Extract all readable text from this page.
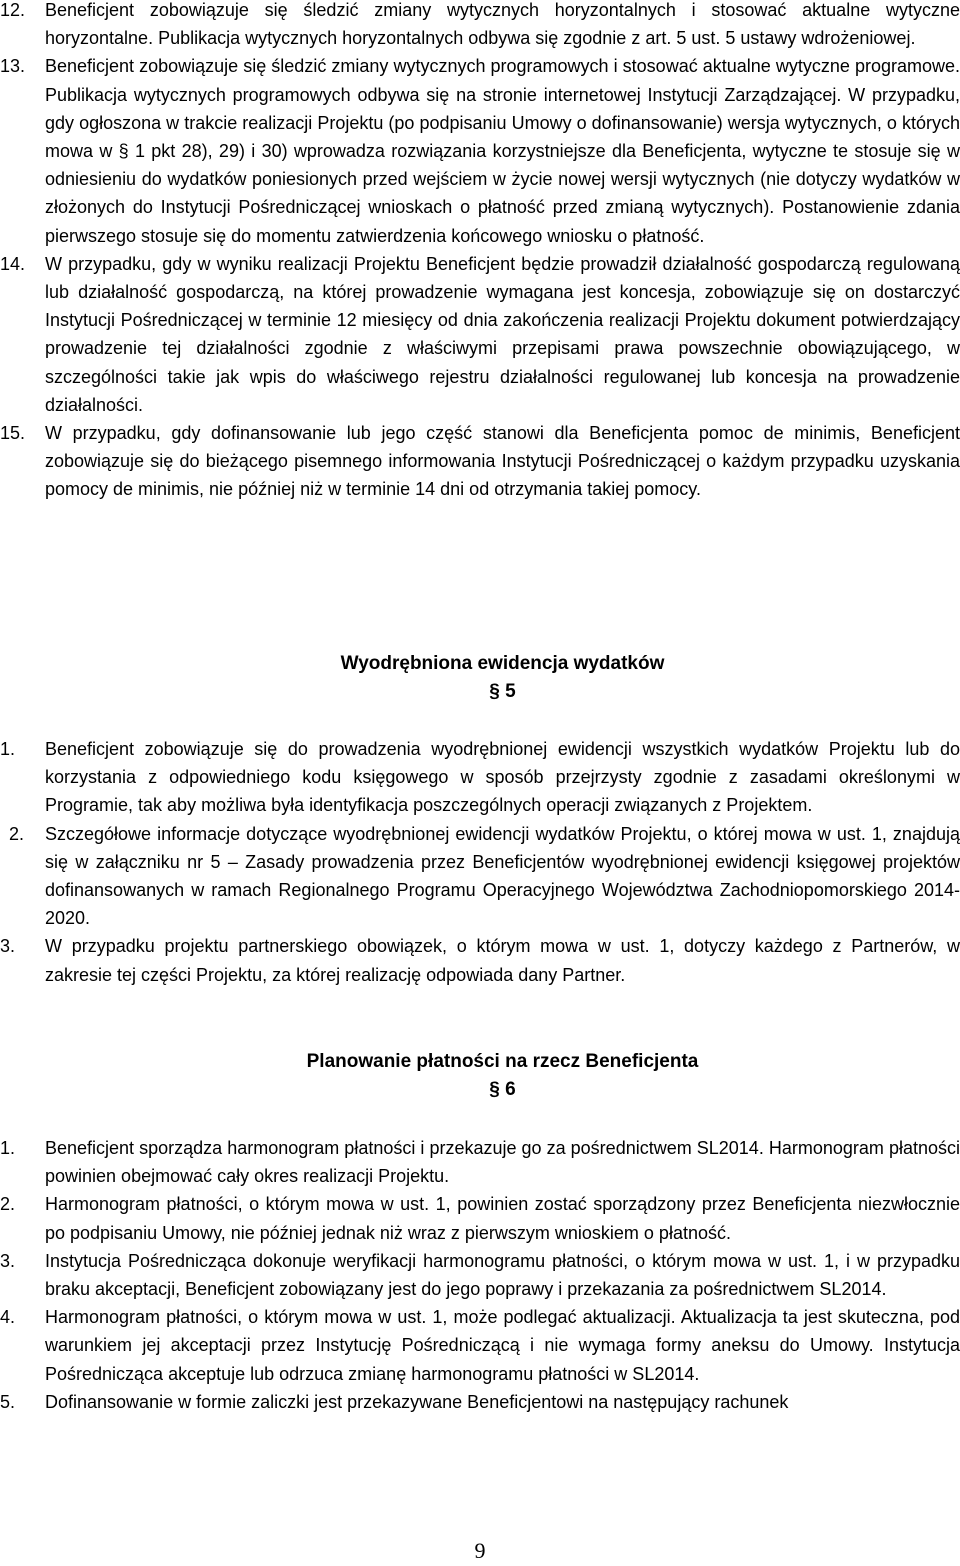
12.	Beneficjent zobowiązuje się śledzić zmiany wytycznych horyzontalnych i stosować aktualne wytyczne horyzontalne. Publikacja wytycznych horyzontalnych odbywa się zgodnie z art. 5 ust. 5 ustawy wdrożeniowej.
13.	Beneficjent zobowiązuje się śledzić zmiany wytycznych programowych i stosować aktualne wytyczne programowe. Publikacja wytycznych programowych odbywa się na stronie internetowej Instytucji Zarządzającej. W przypadku, gdy ogłoszona w trakcie realizacji Projektu (po podpisaniu Umowy o dofinansowanie) wersja wytycznych, o których mowa w § 1 pkt 28), 29) i 30) wprowadza rozwiązania korzystniejsze dla Beneficjenta, wytyczne te stosuje się w odniesieniu do wydatków poniesionych przed wejściem w życie nowej wersji wytycznych (nie dotyczy wydatków w złożonych do Instytucji Pośredniczącej wnioskach o płatność przed zmianą wytycznych). Postanowienie zdania pierwszego stosuje się do momentu zatwierdzenia końcowego wniosku o płatność.
14.	W przypadku, gdy w wyniku realizacji Projektu Beneficjent będzie prowadził działalność gospodarczą regulowaną lub działalność gospodarczą, na której prowadzenie wymagana jest koncesja, zobowiązuje się on dostarczyć Instytucji Pośredniczącej w terminie 12 miesięcy od dnia zakończenia realizacji Projektu dokument potwierdzający prowadzenie tej działalności zgodnie z właściwymi przepisami prawa powszechnie obowiązującego, w szczególności takie jak wpis do właściwego rejestru działalności regulowanej lub koncesja na prowadzenie działalności.
15.	W przypadku, gdy dofinansowanie lub jego część stanowi dla Beneficjenta pomoc de minimis, Beneficjent zobowiązuje się do bieżącego pisemnego informowania Instytucji Pośredniczącej o każdym przypadku uzyskania pomocy de minimis, nie później niż w terminie 14 dni od otrzymania takiej pomocy.
Wyodrębniona ewidencja wydatków
§ 5
1.	Beneficjent zobowiązuje się do prowadzenia wyodrębnionej ewidencji wszystkich wydatków Projektu lub do korzystania z odpowiedniego kodu księgowego w sposób przejrzysty zgodnie z zasadami określonymi w Programie, tak aby możliwa była identyfikacja poszczególnych operacji związanych z Projektem.
2.	Szczegółowe informacje dotyczące wyodrębnionej ewidencji wydatków Projektu, o której mowa w ust. 1, znajdują się w załączniku nr 5 – Zasady prowadzenia przez Beneficjentów wyodrębnionej ewidencji księgowej projektów dofinansowanych w ramach Regionalnego Programu Operacyjnego Województwa Zachodniopomorskiego 2014-2020.
3.	W przypadku projektu partnerskiego obowiązek, o którym mowa w ust. 1, dotyczy każdego z Partnerów, w zakresie tej części Projektu, za której realizację odpowiada dany Partner.
Planowanie płatności na rzecz Beneficjenta
§ 6
1.	Beneficjent sporządza harmonogram płatności i przekazuje go za pośrednictwem SL2014. Harmonogram płatności powinien obejmować cały okres realizacji Projektu.
2.	Harmonogram płatności, o którym mowa w ust. 1, powinien zostać sporządzony przez Beneficjenta niezwłocznie po podpisaniu Umowy, nie później jednak niż wraz z pierwszym wnioskiem o płatność.
3.	Instytucja Pośrednicząca dokonuje weryfikacji harmonogramu płatności, o którym mowa w ust. 1, i w przypadku braku akceptacji, Beneficjent zobowiązany jest do jego poprawy i przekazania za pośrednictwem SL2014.
4.	Harmonogram płatności, o którym mowa w ust. 1, może podlegać aktualizacji. Aktualizacja ta jest skuteczna, pod warunkiem jej akceptacji przez Instytucję Pośredniczącą i nie wymaga formy aneksu do Umowy. Instytucja Pośrednicząca akceptuje lub odrzuca zmianę harmonogramu płatności w SL2014.
5.	Dofinansowanie w formie zaliczki jest przekazywane Beneficjentowi na następujący rachunek
9
